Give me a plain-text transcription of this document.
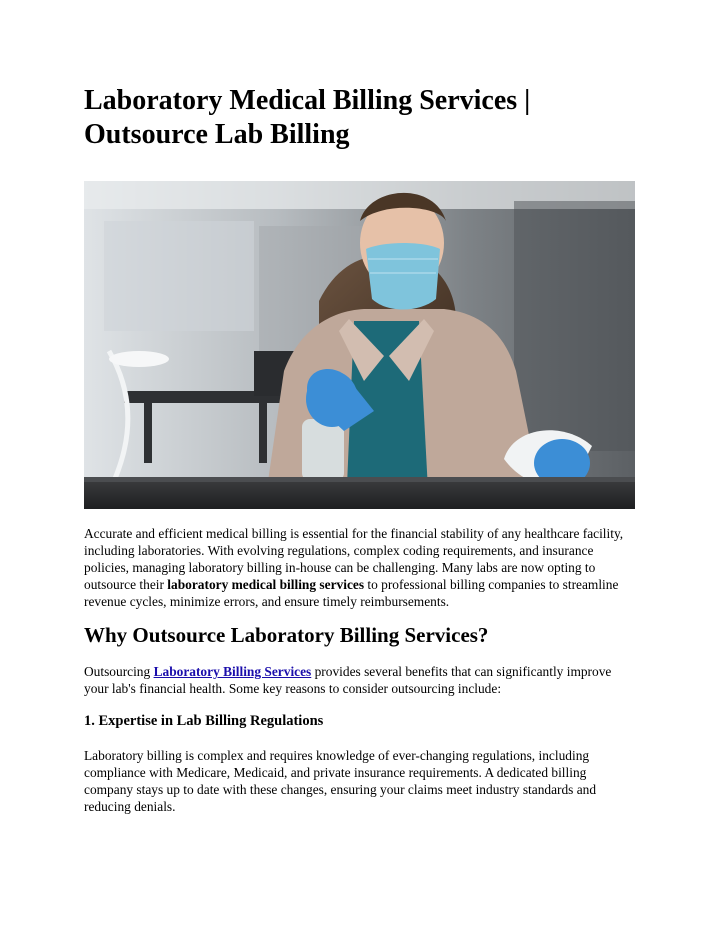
Laboratory Medical Billing Services | Outsource Lab Billing

Accurate and efficient medical billing is essential for the financial stability of any healthcare facility, including laboratories. With evolving regulations, complex coding requirements, and insurance policies, managing laboratory billing in-house can be challenging. Many labs are now opting to outsource their laboratory medical billing services to professional billing companies to streamline revenue cycles, minimize errors, and ensure timely reimbursements.

Why Outsource Laboratory Billing Services?

Outsourcing Laboratory Billing Services provides several benefits that can significantly improve your lab's financial health. Some key reasons to consider outsourcing include:

1. Expertise in Lab Billing Regulations

Laboratory billing is complex and requires knowledge of ever-changing regulations, including compliance with Medicare, Medicaid, and private insurance requirements. A dedicated billing company stays up to date with these changes, ensuring your claims meet industry standards and reducing denials.
